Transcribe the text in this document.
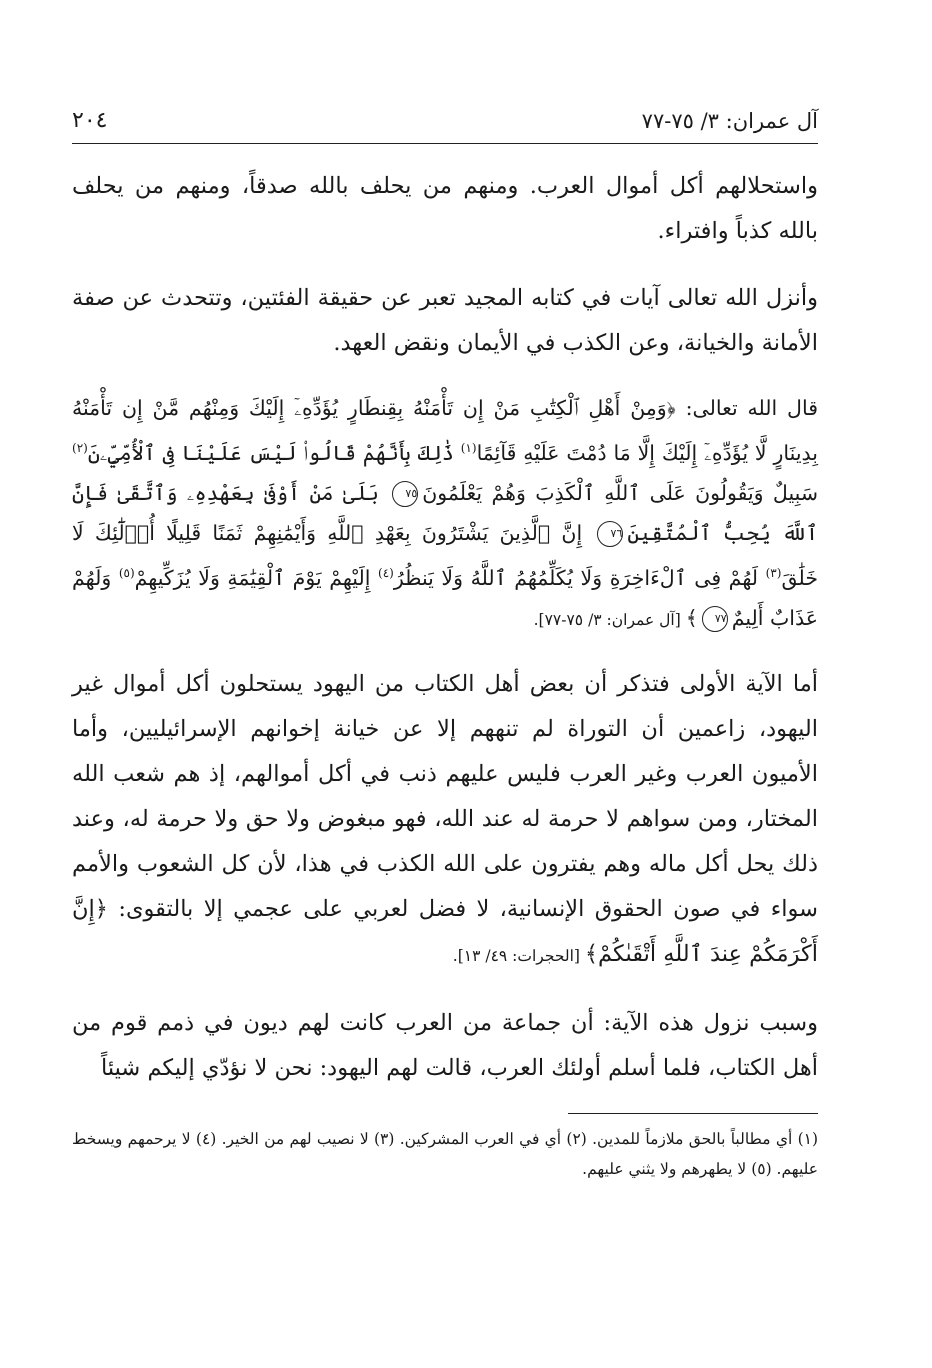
آل عمران: ٣/ ٧٥-٧٧
٢٠٤

واستحلالهم أكل أموال العرب. ومنهم من يحلف بالله صدقاً، ومنهم من يحلف بالله كذباً وافتراء.

وأنزل الله تعالى آيات في كتابه المجيد تعبر عن حقيقة الفئتين، وتتحدث عن صفة الأمانة والخيانة، وعن الكذب في الأيمان ونقض العهد.

قال الله تعالى: ﴿وَمِنْ أَهْلِ ٱلْكِتَٰبِ مَنْ إِن تَأْمَنْهُ بِقِنطَارٍ يُؤَدِّهِۦٓ إِلَيْكَ وَمِنْهُم مَّنْ إِن تَأْمَنْهُ بِدِينَارٍ لَّا يُؤَدِّهِۦٓ إِلَيْكَ إِلَّا مَا دُمْتَ عَلَيْهِ قَآئِمًا$^{(١)}$ ذَٰلِكَ بِأَنَّهُمْ قَالُوا۟ لَيْسَ عَلَيْنَا فِى ٱلْأُمِّيِّۦنَ$^{(٢)}$ سَبِيلٌ وَيَقُولُونَ عَلَى ٱللَّهِ ٱلْكَذِبَ وَهُمْ يَعْلَمُونَ٧٥ بَلَىٰ مَنْ أَوْفَىٰ بِعَهْدِهِۦ وَٱتَّقَىٰ فَإِنَّ ٱللَّهَ يُحِبُّ ٱلْمُتَّقِينَ٧٦ إِنَّ ٱلَّذِينَ يَشْتَرُونَ بِعَهْدِ ٱللَّهِ وَأَيْمَٰنِهِمْ ثَمَنًا قَلِيلًا أُو۟لَٰٓئِكَ لَا خَلَٰقَ$^{(٣)}$ لَهُمْ فِى ٱلْءَاخِرَةِ وَلَا يُكَلِّمُهُمُ ٱللَّهُ وَلَا يَنظُرُ$^{(٤)}$ إِلَيْهِمْ يَوْمَ ٱلْقِيَٰمَةِ وَلَا يُزَكِّيهِمْ$^{(٥)}$ وَلَهُمْ عَذَابٌ أَلِيمٌ٧٧﴾ [آل عمران: ٣/ ٧٥-٧٧].

أما الآية الأولى فتذكر أن بعض أهل الكتاب من اليهود يستحلون أكل أموال غير اليهود، زاعمين أن التوراة لم تنههم إلا عن خيانة إخوانهم الإسرائيليين، وأما الأميون العرب وغير العرب فليس عليهم ذنب في أكل أموالهم، إذ هم شعب الله المختار، ومن سواهم لا حرمة له عند الله، فهو مبغوض ولا حق ولا حرمة له، وعند ذلك يحل أكل ماله وهم يفترون على الله الكذب في هذا، لأن كل الشعوب والأمم سواء في صون الحقوق الإنسانية، لا فضل لعربي على عجمي إلا بالتقوى: ﴿إِنَّ أَكْرَمَكُمْ عِندَ ٱللَّهِ أَتْقَىٰكُمْ﴾ [الحجرات: ٤٩/ ١٣].

وسبب نزول هذه الآية: أن جماعة من العرب كانت لهم ديون في ذمم قوم من أهل الكتاب، فلما أسلم أولئك العرب، قالت لهم اليهود: نحن لا نؤدّي إليكم شيئاً

(١) أي مطالباً بالحق ملازماً للمدين. (٢) أي في العرب المشركين. (٣) لا نصيب لهم من الخير. (٤) لا يرحمهم ويسخط عليهم. (٥) لا يطهرهم ولا يثني عليهم.
